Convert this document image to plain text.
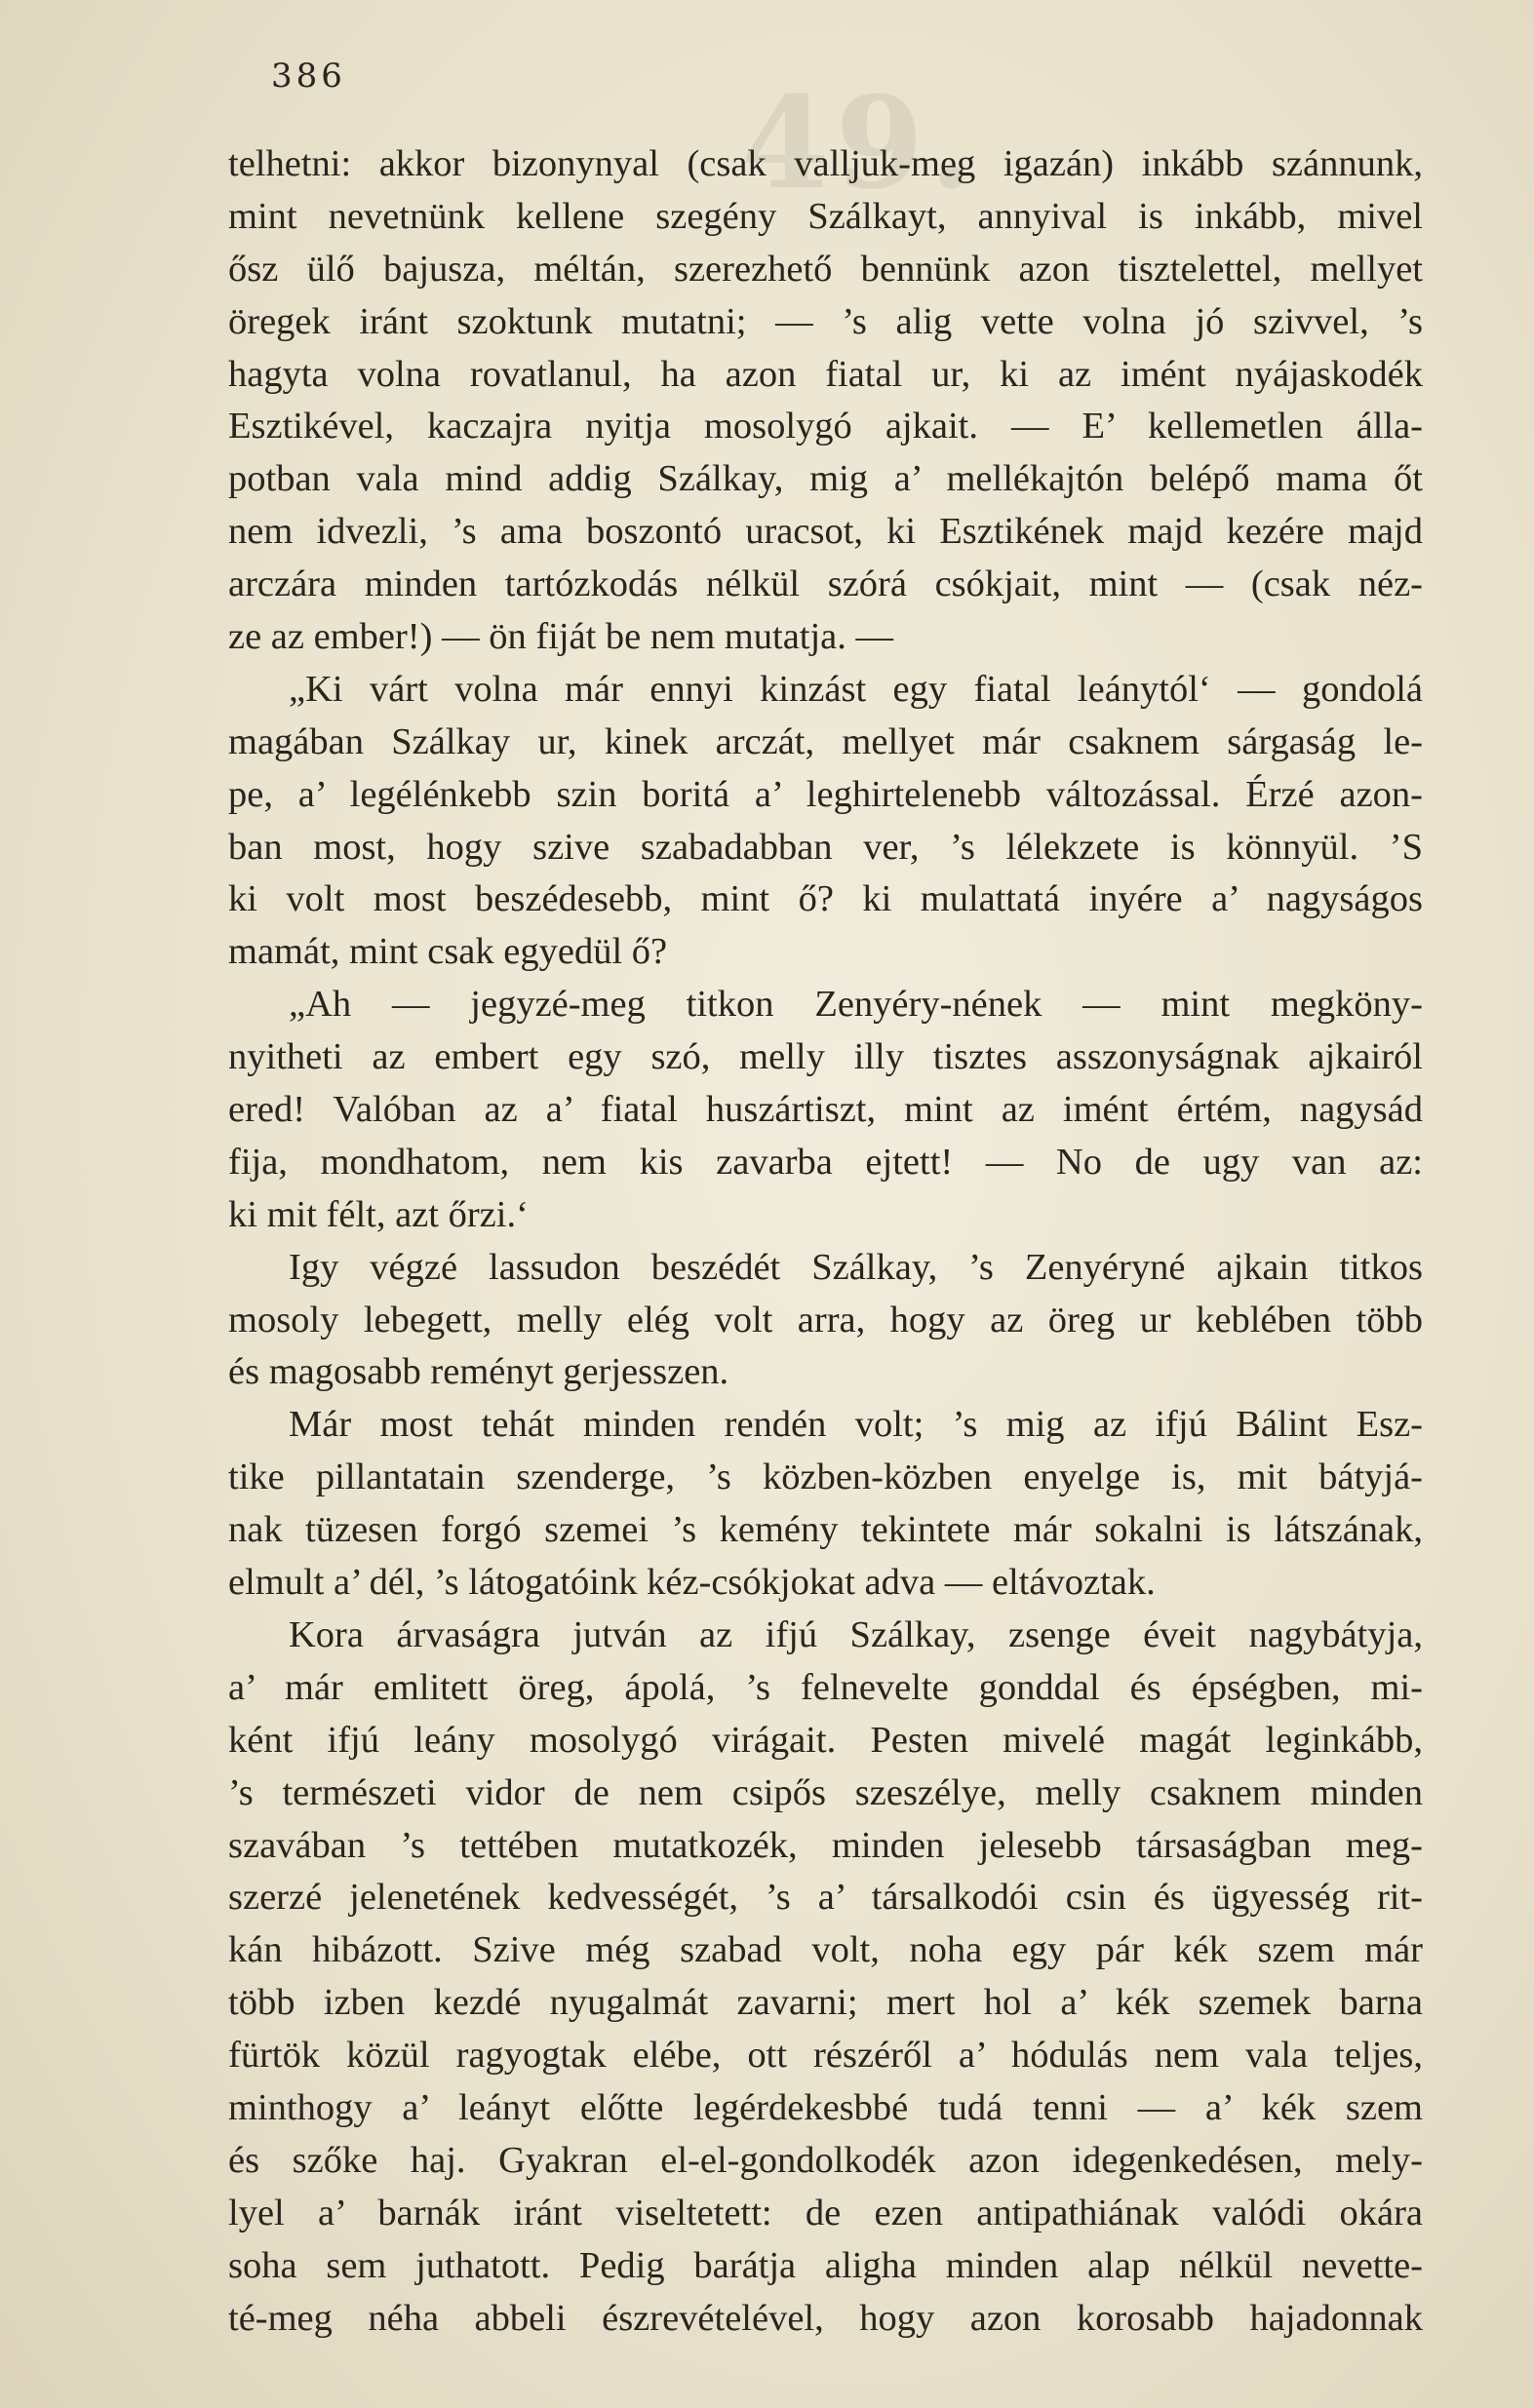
49.
386
telhetni: akkor bizonynyal (csak valljuk-meg igazán) inkább szánnunk,
mint nevetnünk kellene szegény Szálkayt, annyival is inkább, mivel
ősz ülő bajusza, méltán, szerezhető bennünk azon tisztelettel, mellyet
öregek iránt szoktunk mutatni; — ’s alig vette volna jó szivvel, ’s
hagyta volna rovatlanul, ha azon fiatal ur, ki az imént nyájaskodék
Esztikével, kaczajra nyitja mosolygó ajkait. — E’ kellemetlen álla-
potban vala mind addig Szálkay, mig a’ mellékajtón belépő mama őt
nem idvezli, ’s ama boszontó uracsot, ki Esztikének majd kezére majd
arczára minden tartózkodás nélkül szórá csókjait, mint — (csak néz-
ze az ember!) — ön fiját be nem mutatja. —
„Ki várt volna már ennyi kinzást egy fiatal leánytól‘ — gondolá
magában Szálkay ur, kinek arczát, mellyet már csaknem sárgaság le-
pe, a’ legélénkebb szin boritá a’ leghirtelenebb változással. Érzé azon-
ban most, hogy szive szabadabban ver, ’s lélekzete is könnyül. ’S
ki volt most beszédesebb, mint ő? ki mulattatá inyére a’ nagyságos
mamát, mint csak egyedül ő?
„Ah — jegyzé-meg titkon Zenyéry-nének — mint megköny-
nyitheti az embert egy szó, melly illy tisztes asszonyságnak ajkairól
ered! Valóban az a’ fiatal huszártiszt, mint az imént értém, nagysád
fija, mondhatom, nem kis zavarba ejtett! — No de ugy van az:
ki mit félt, azt őrzi.‘
Igy végzé lassudon beszédét Szálkay, ’s Zenyéryné ajkain titkos
mosoly lebegett, melly elég volt arra, hogy az öreg ur keblében több
és magosabb reményt gerjesszen.
Már most tehát minden rendén volt; ’s mig az ifjú Bálint Esz-
tike pillantatain szenderge, ’s közben-közben enyelge is, mit bátyjá-
nak tüzesen forgó szemei ’s kemény tekintete már sokalni is látszának,
elmult a’ dél, ’s látogatóink kéz-csókjokat adva — eltávoztak.
Kora árvaságra jutván az ifjú Szálkay, zsenge éveit nagybátyja,
a’ már emlitett öreg, ápolá, ’s felnevelte gonddal és épségben, mi-
ként ifjú leány mosolygó virágait. Pesten mivelé magát leginkább,
’s természeti vidor de nem csipős szeszélye, melly csaknem minden
szavában ’s tettében mutatkozék, minden jelesebb társaságban meg-
szerzé jelenetének kedvességét, ’s a’ társalkodói csin és ügyesség rit-
kán hibázott. Szive még szabad volt, noha egy pár kék szem már
több izben kezdé nyugalmát zavarni; mert hol a’ kék szemek barna
fürtök közül ragyogtak elébe, ott részéről a’ hódulás nem vala teljes,
minthogy a’ leányt előtte legérdekesbbé tudá tenni — a’ kék szem
és szőke haj. Gyakran el-el-gondolkodék azon idegenkedésen, mely-
lyel a’ barnák iránt viseltetett: de ezen antipathiának valódi okára
soha sem juthatott. Pedig barátja aligha minden alap nélkül nevette-
té-meg néha abbeli észrevételével, hogy azon korosabb hajadonnak
